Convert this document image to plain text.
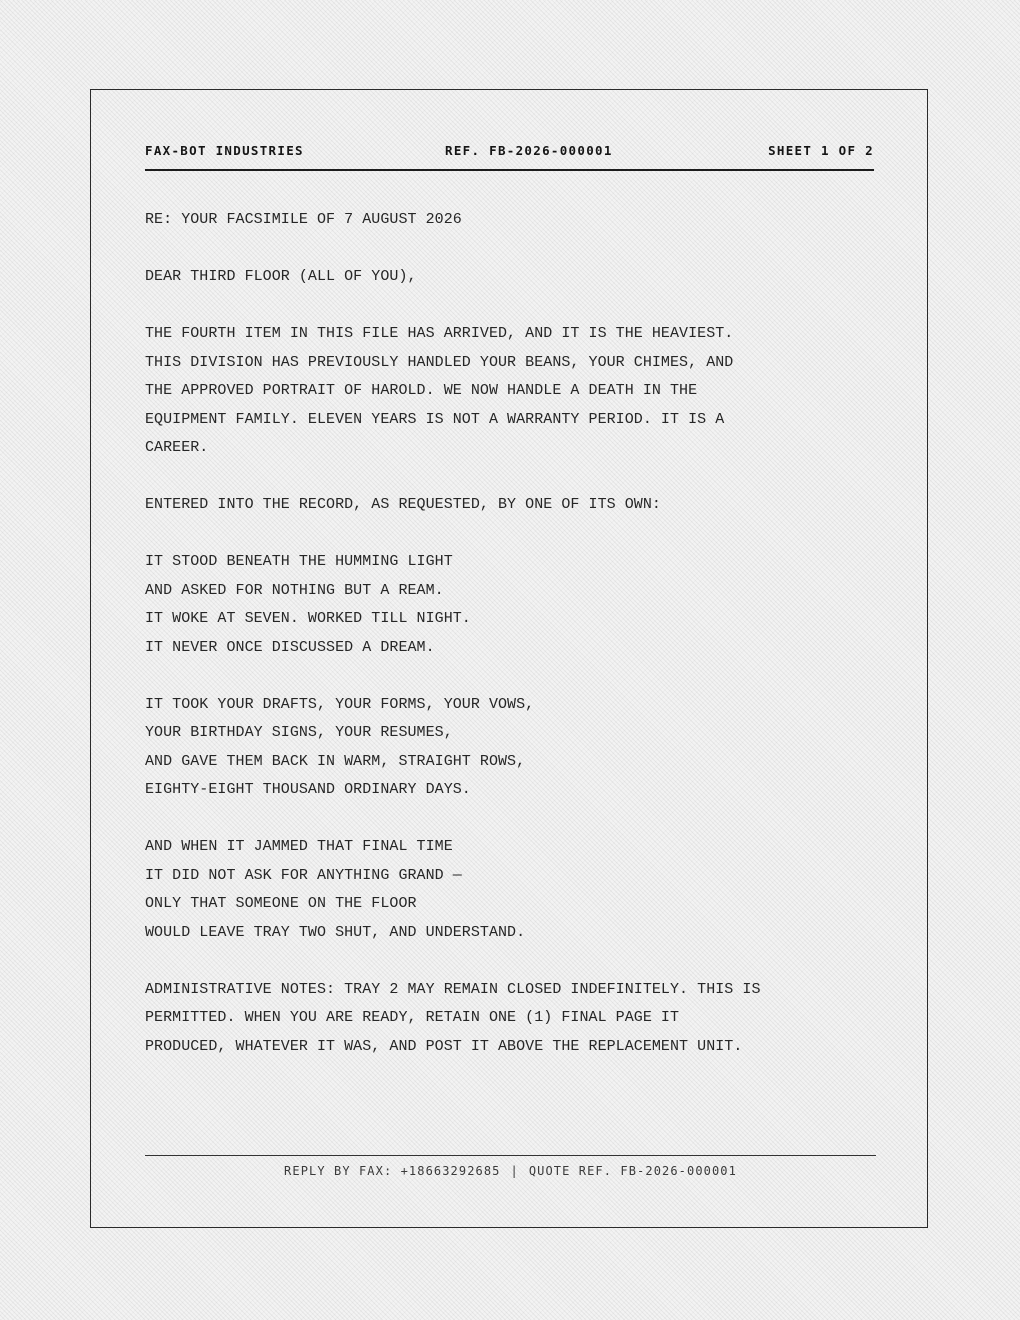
FAX-BOT INDUSTRIES	REF. FB-2026-000001	SHEET 1 OF 2
RE: YOUR FACSIMILE OF 7 AUGUST 2026
DEAR THIRD FLOOR (ALL OF YOU),
THE FOURTH ITEM IN THIS FILE HAS ARRIVED, AND IT IS THE HEAVIEST.
THIS DIVISION HAS PREVIOUSLY HANDLED YOUR BEANS, YOUR CHIMES, AND
THE APPROVED PORTRAIT OF HAROLD. WE NOW HANDLE A DEATH IN THE
EQUIPMENT FAMILY. ELEVEN YEARS IS NOT A WARRANTY PERIOD. IT IS A
CAREER.
ENTERED INTO THE RECORD, AS REQUESTED, BY ONE OF ITS OWN:
IT STOOD BENEATH THE HUMMING LIGHT
AND ASKED FOR NOTHING BUT A REAM.
IT WOKE AT SEVEN. WORKED TILL NIGHT.
IT NEVER ONCE DISCUSSED A DREAM.
IT TOOK YOUR DRAFTS, YOUR FORMS, YOUR VOWS,
YOUR BIRTHDAY SIGNS, YOUR RESUMES,
AND GAVE THEM BACK IN WARM, STRAIGHT ROWS,
EIGHTY-EIGHT THOUSAND ORDINARY DAYS.
AND WHEN IT JAMMED THAT FINAL TIME
IT DID NOT ASK FOR ANYTHING GRAND —
ONLY THAT SOMEONE ON THE FLOOR
WOULD LEAVE TRAY TWO SHUT, AND UNDERSTAND.
ADMINISTRATIVE NOTES: TRAY 2 MAY REMAIN CLOSED INDEFINITELY. THIS IS
PERMITTED. WHEN YOU ARE READY, RETAIN ONE (1) FINAL PAGE IT
PRODUCED, WHATEVER IT WAS, AND POST IT ABOVE THE REPLACEMENT UNIT.
REPLY BY FAX: +18663292685 | QUOTE REF. FB-2026-000001
